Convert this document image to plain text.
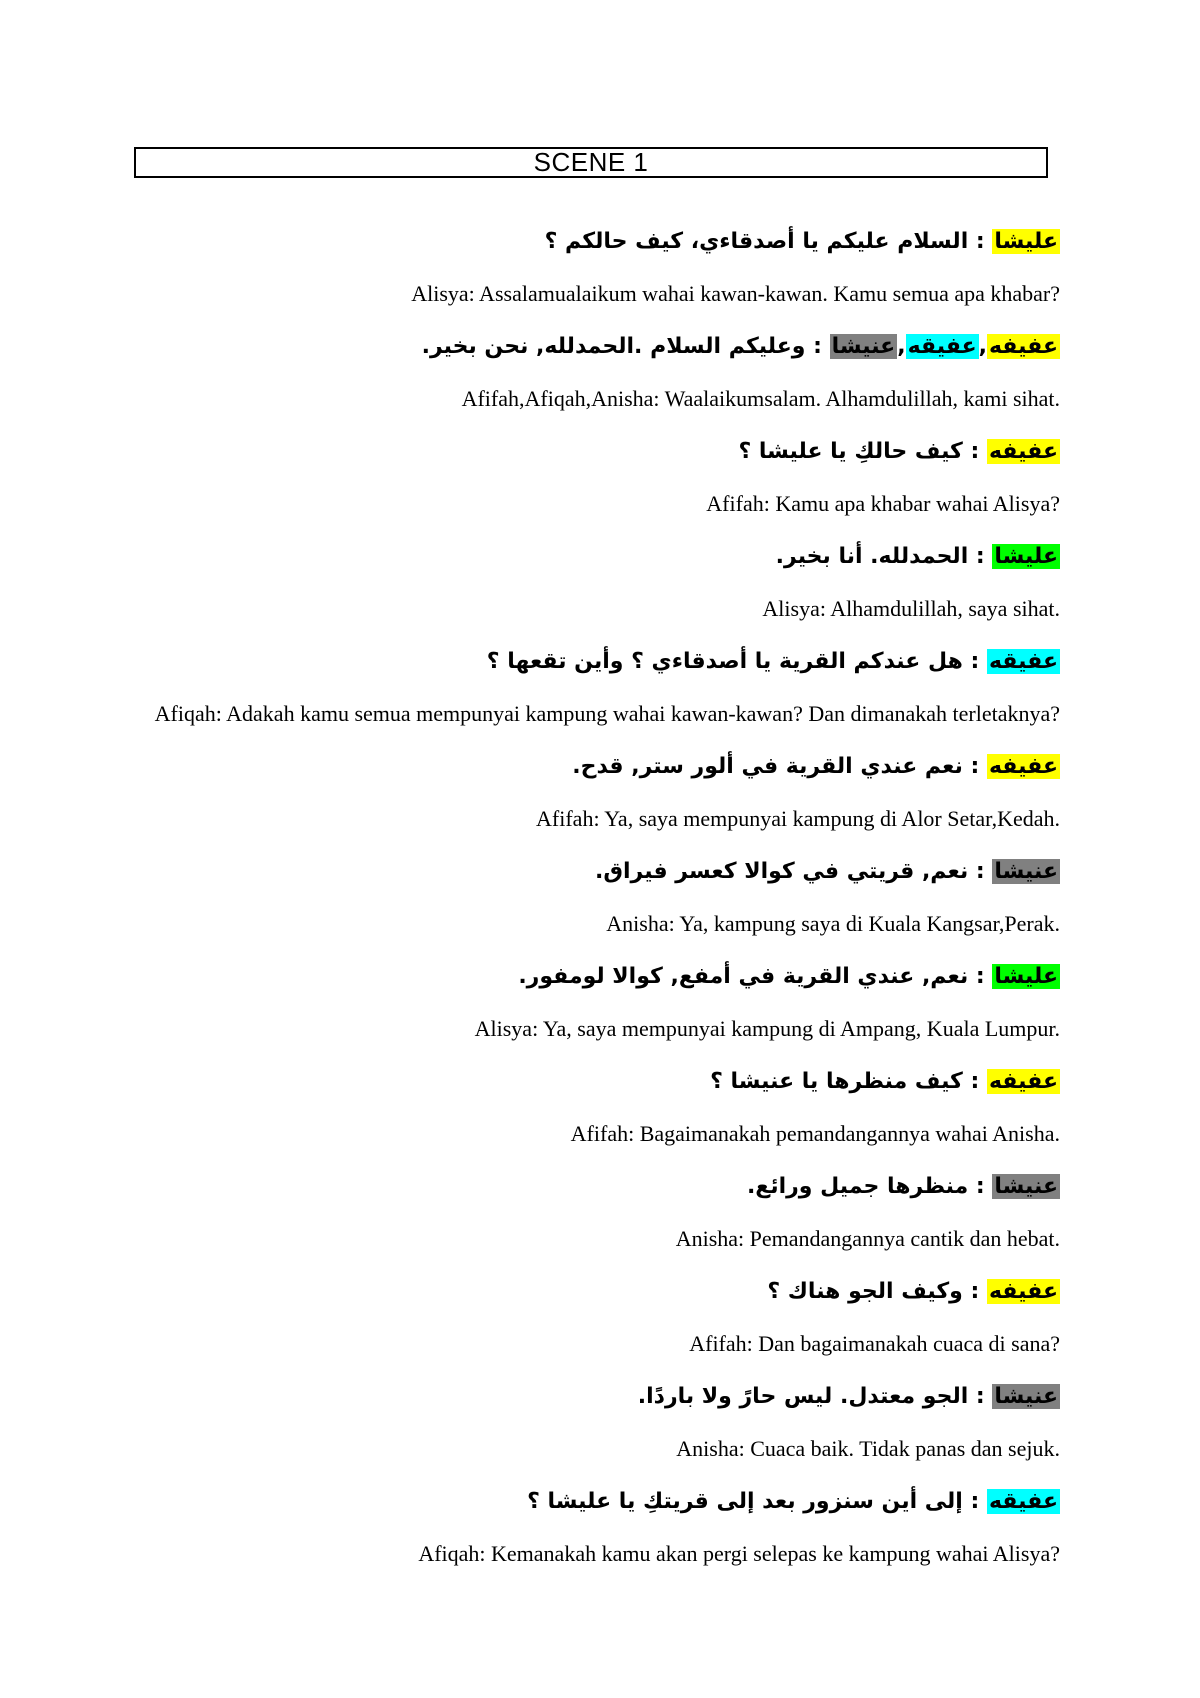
SCENE 1
عليشا : السلام عليكم يا أصدقاءي، كيف حالكم ؟
Alisya: Assalamualaikum wahai kawan-kawan. Kamu semua apa khabar?
عفيفه,عفيقه,عنيشا : وعليكم السلام .الحمدلله, نحن بخير.
Afifah,Afiqah,Anisha: Waalaikumsalam. Alhamdulillah, kami sihat.
عفيفه : كيف حالكِ يا عليشا ؟
Afifah: Kamu apa khabar wahai Alisya?
عليشا : الحمدلله. أنا بخير.
Alisya: Alhamdulillah, saya sihat.
عفيقه : هل عندكم القرية يا أصدقاءي ؟ وأين تقعها ؟
Afiqah: Adakah kamu semua mempunyai kampung wahai kawan-kawan? Dan dimanakah terletaknya?
عفيفه : نعم عندي القرية في ألور ستر, قدح.
Afifah: Ya, saya mempunyai kampung di Alor Setar,Kedah.
عنيشا : نعم, قريتي في كوالا كعسر فيراق.
Anisha: Ya, kampung saya di Kuala Kangsar,Perak.
عليشا : نعم, عندي القرية في أمفع, كوالا لومفور.
Alisya: Ya, saya mempunyai kampung di Ampang, Kuala Lumpur.
عفيفه : كيف منظرها يا عنيشا ؟
Afifah: Bagaimanakah pemandangannya wahai Anisha.
عنيشا : منظرها جميل ورائع.
Anisha: Pemandangannya cantik dan hebat.
عفيفه : وكيف الجو هناك ؟
Afifah: Dan bagaimanakah cuaca di sana?
عنيشا : الجو معتدل. ليس حارً ولا باردًا.
Anisha: Cuaca baik. Tidak panas dan sejuk.
عفيقه : إلى أين سنزور بعد إلى قريتكِ يا عليشا ؟
Afiqah: Kemanakah kamu akan pergi selepas ke kampung wahai Alisya?
